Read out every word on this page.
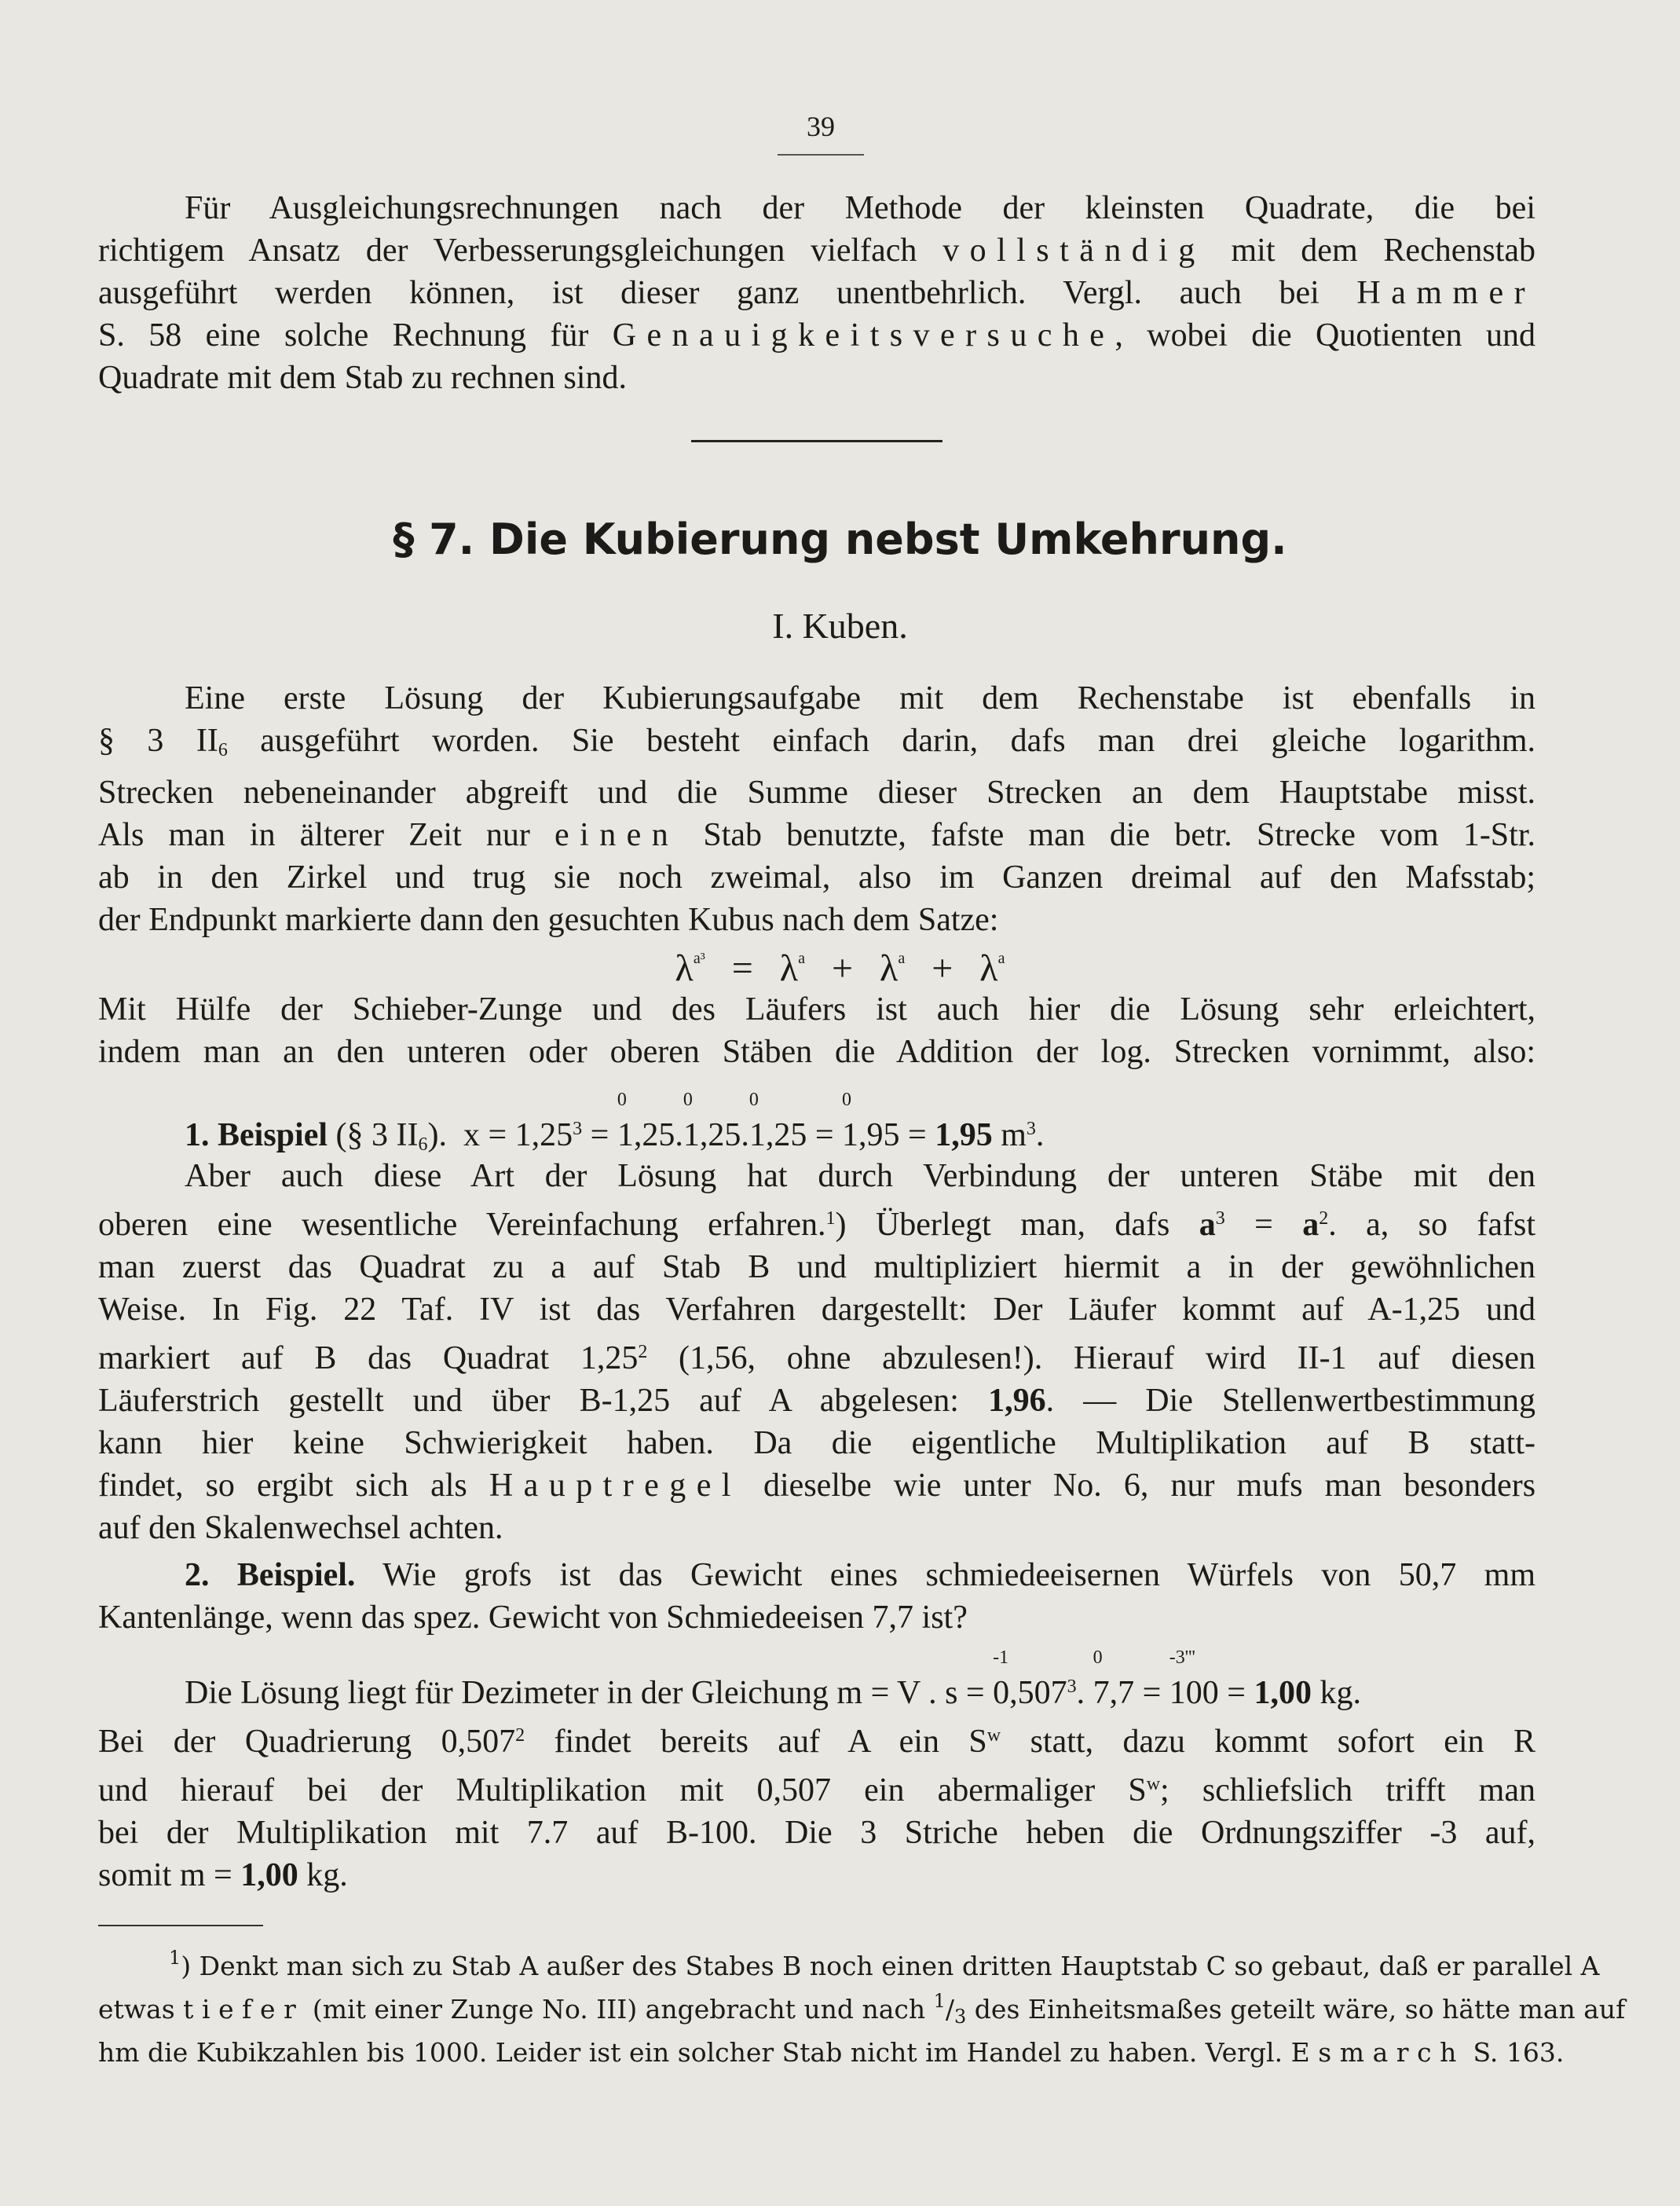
39
Für Ausgleichungsrechnungen nach der Methode der kleinsten Quadrate, die bei
richtigem Ansatz der Verbesserungsgleichungen vielfach vollständig mit dem Rechenstab
ausgeführt werden können, ist dieser ganz unentbehrlich. Vergl. auch bei Hammer
S. 58 eine solche Rechnung für Genauigkeitsversuche, wobei die Quotienten und
Quadrate mit dem Stab zu rechnen sind.
§ 7. Die Kubierung nebst Umkehrung.
I. Kuben.
Eine erste Lösung der Kubierungsaufgabe mit dem Rechenstabe ist ebenfalls in
§ 3 $II_6$ ausgeführt worden. Sie besteht einfach darin, dafs man drei gleiche logarithm.
Strecken nebeneinander abgreift und die Summe dieser Strecken an dem Hauptstabe misst.
Als man in älterer Zeit nur einen Stab benutzte, fafste man die betr. Strecke vom 1-Str.
ab in den Zirkel und trug sie noch zweimal, also im Ganzen dreimal auf den Mafsstab;
der Endpunkt markierte dann den gesuchten Kubus nach dem Satze:
$\lambda^{a^3} = \lambda^a + \lambda^a + \lambda^a$
Mit Hülfe der Schieber-Zunge und des Läufers ist auch hier die Lösung sehr erleichtert,
indem man an den unteren oder oberen Stäben die Addition der log. Strecken vornimmt, also:
1. Beispiel (§ 3 $II_6$). $x = 1,25^3$ =
0
1,25.
0
1,25.
0
1,25 =
0
1,95 = 1,95 $m^3$.
Aber auch diese Art der Lösung hat durch Verbindung der unteren Stäbe mit den
oberen eine wesentliche Vereinfachung erfahren.$^1$) Überlegt man, dafs $a^3 = a^2$. a, so fafst
man zuerst das Quadrat zu a auf Stab B und multipliziert hiermit a in der gewöhnlichen
Weise. In Fig. 22 Taf. IV ist das Verfahren dargestellt: Der Läufer kommt auf A-1,25 und
markiert auf B das Quadrat 1,25$^2$ (1,56, ohne abzulesen!). Hierauf wird II-1 auf diesen
Läuferstrich gestellt und über B-1,25 auf A abgelesen: 1,96. — Die Stellenwertbestimmung
kann hier keine Schwierigkeit haben. Da die eigentliche Multiplikation auf B statt-
findet, so ergibt sich als Hauptregel dieselbe wie unter No. 6, nur mufs man besonders
auf den Skalenwechsel achten.
2. Beispiel. Wie grofs ist das Gewicht eines schmiedeeisernen Würfels von 50,7 mm
Kantenlänge, wenn das spez. Gewicht von Schmiedeeisen 7,7 ist?
Die Lösung liegt für Dezimeter in der Gleichung m = V . s =
-1
0,507$^3$.
0
7,7 =
-3'''
100 = 1,00 kg.
Bei der Quadrierung 0,507$^2$ findet bereits auf A ein $S^w$ statt, dazu kommt sofort ein R
und hierauf bei der Multiplikation mit 0,507 ein abermaliger $S^w$; schliefslich trifft man
bei der Multiplikation mit 7.7 auf B-100. Die 3 Striche heben die Ordnungsziffer -3 auf,
somit m = 1,00 kg.
$^1$) Denkt man sich zu Stab A außer des Stabes B noch einen dritten Hauptstab C so gebaut, daß er parallel A
etwas tiefer (mit einer Zunge No. III) angebracht und nach $^1/_3$ des Einheitsmaßes geteilt wäre, so hätte man auf
hm die Kubikzahlen bis 1000. Leider ist ein solcher Stab nicht im Handel zu haben. Vergl. Esmarch S. 163.
